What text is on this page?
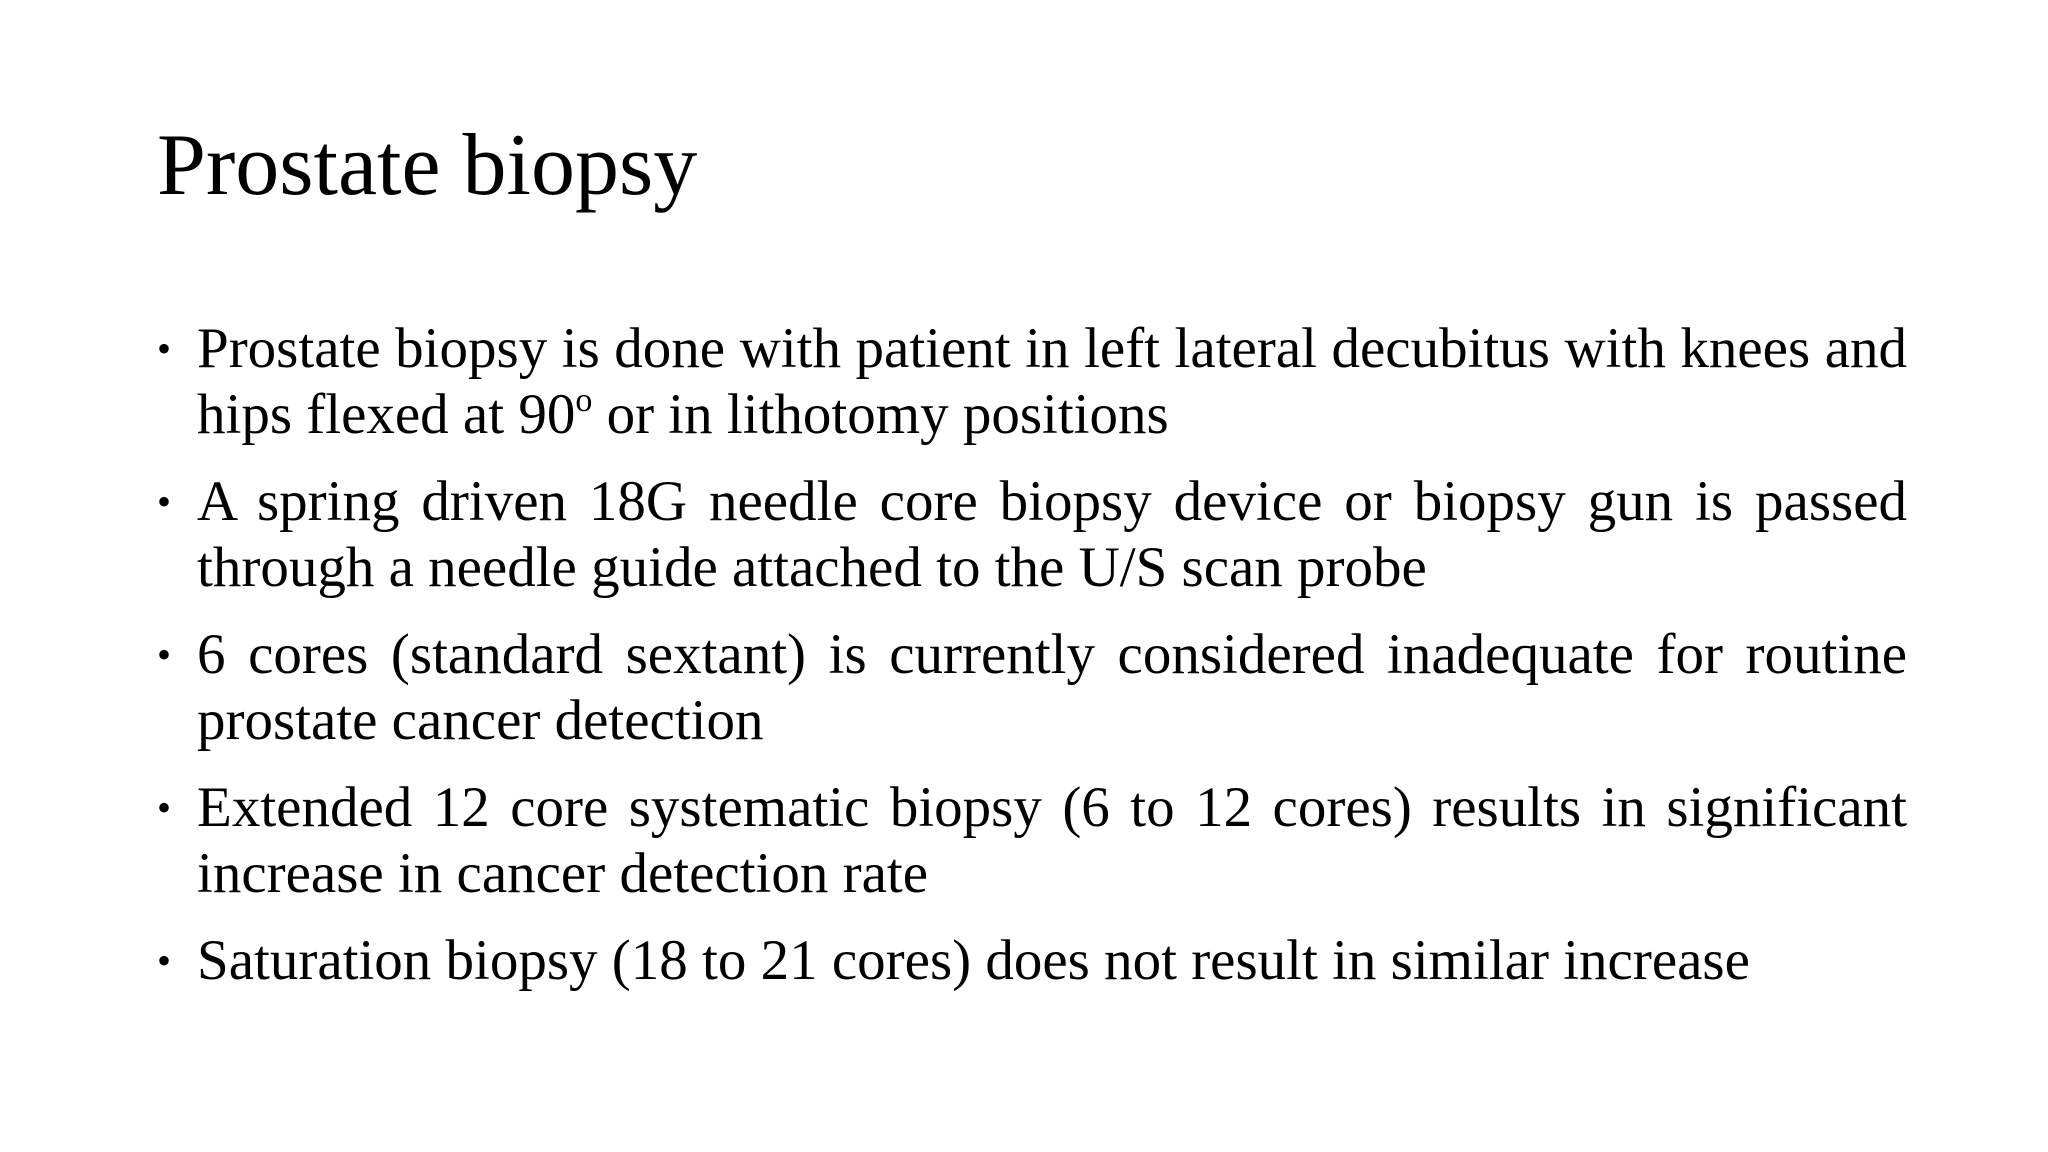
Prostate biopsy
• Prostate biopsy is done with patient in left lateral decubitus with knees and hips flexed at 90$^o$ or in lithotomy positions
• A spring driven 18G needle core biopsy device or biopsy gun is passed through a needle guide attached to the U/S scan probe
• 6 cores (standard sextant) is currently considered inadequate for routine prostate cancer detection
• Extended 12 core systematic biopsy (6 to 12 cores) results in significant increase in cancer detection rate
• Saturation biopsy (18 to 21 cores) does not result in similar increase
